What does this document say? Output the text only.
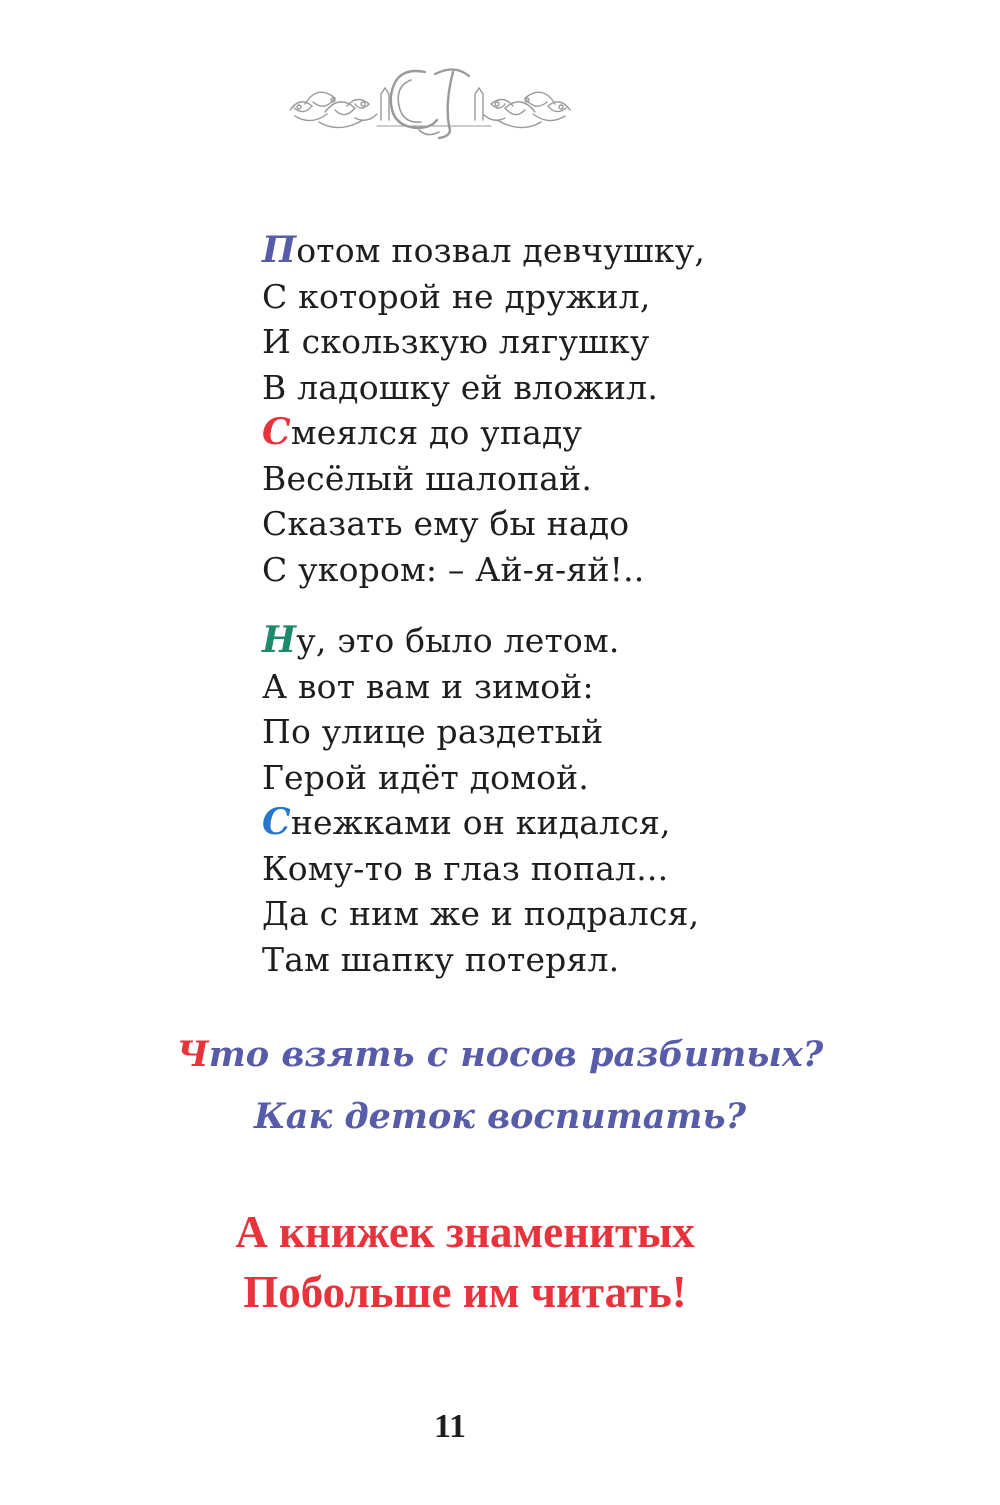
Потом позвал девчушку,
С которой не дружил,
И скользкую лягушку
В ладошку ей вложил.
Смеялся до упаду
Весёлый шалопай.
Сказать ему бы надо
С укором: – Ай-я-яй!..
Ну, это было летом.
А вот вам и зимой:
По улице раздетый
Герой идёт домой.
Снежками он кидался,
Кому-то в глаз попал...
Да с ним же и подрался,
Там шапку потерял.
Что взять с носов разбитых?
Как деток воспитать?
А книжек знаменитых
Побольше им читать!
11
